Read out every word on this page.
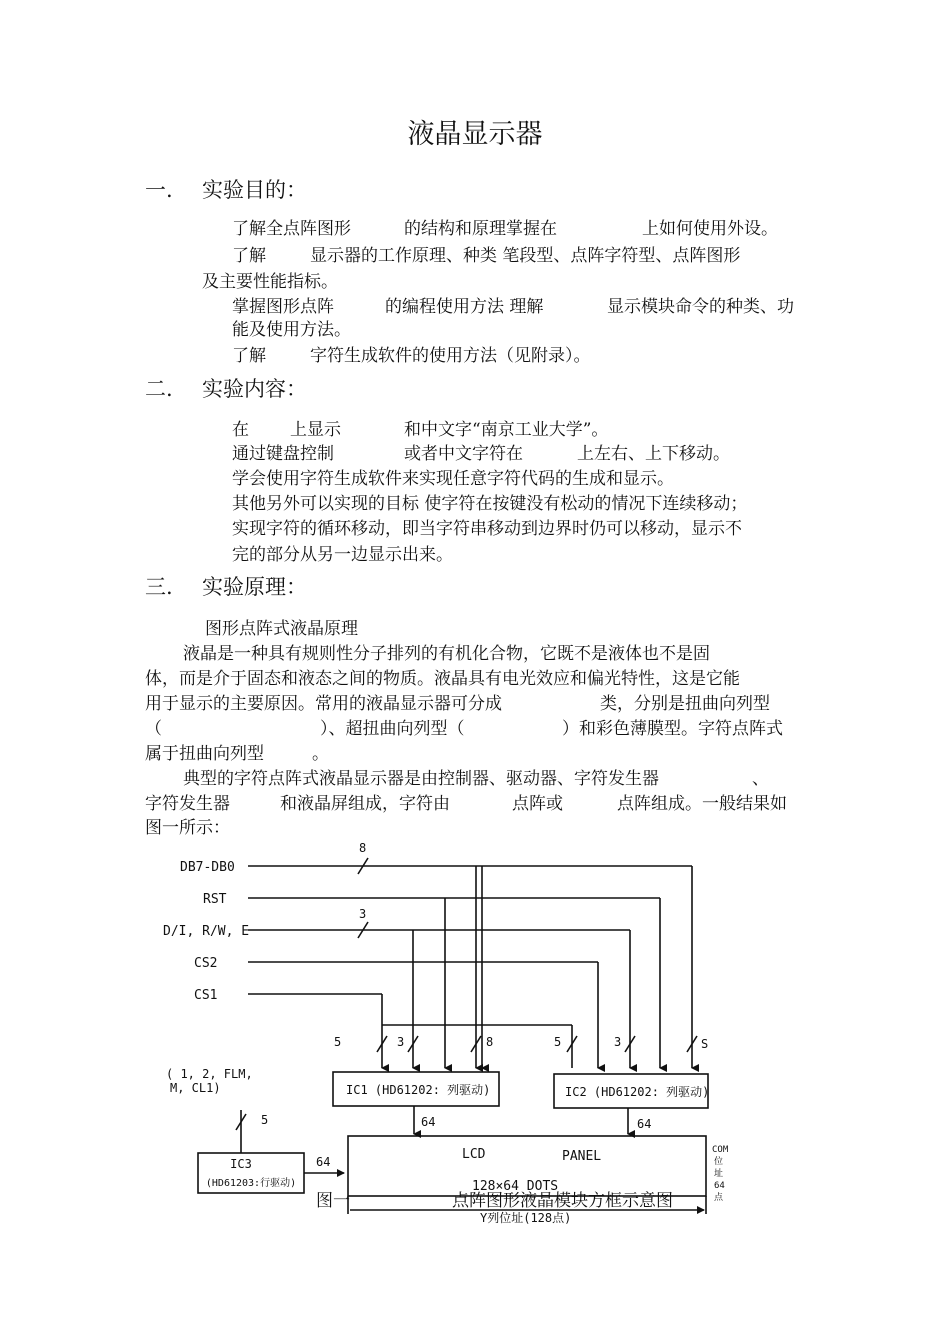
液晶显示器
一. 实验目的：
了解全点阵图形	的结构和原理掌握在	上如何使用外设。
了解	显示器的工作原理、种类 笔段型、点阵字符型、点阵图形
及主要性能指标。
掌握图形点阵	的编程使用方法 理解	显示模块命令的种类、功
能及使用方法。
了解	字符生成软件的使用方法（见附录）。
二. 实验内容：
在 上显示	和中文字“南京工业大学”。
通过键盘控制	或者中文字符在	上左右、上下移动。
学会使用字符生成软件来实现任意字符代码的生成和显示。
其他另外可以实现的目标 使字符在按键没有松动的情况下连续移动；
实现字符的循环移动，即当字符串移动到边界时仍可以移动，显示不
完的部分从另一边显示出来。
三. 实验原理：
图形点阵式液晶原理
液晶是一种具有规则性分子排列的有机化合物，它既不是液体也不是固
体，而是介于固态和液态之间的物质。液晶具有电光效应和偏光特性，这是它能
用于显示的主要原因。常用的液晶显示器可分成	类，分别是扭曲向列型
（	）、超扭曲向列型（	）和彩色薄膜型。字符点阵式
属于扭曲向列型	。
典型的字符点阵式液晶显示器是由控制器、驱动器、字符发生器	、
字符发生器	和液晶屏组成，字符由	点阵或	点阵组成。一般结果如
图一所示：
DB7-DB0
RST
D/I, R/W, E
CS2
CS1
8
3
5	3	8	5	3	S
( 1, 2, FLM,
M, CL1)
5
IC1 (HD61202: 列驱动)	IC2 (HD61202: 列驱动)
IC3
(HD61203:行驱动)
64	64
64	LCD	PANEL
128×64 DOTS
COM
位
址
64
点
Y列位址(128点)
图一	点阵图形液晶模块方框示意图
